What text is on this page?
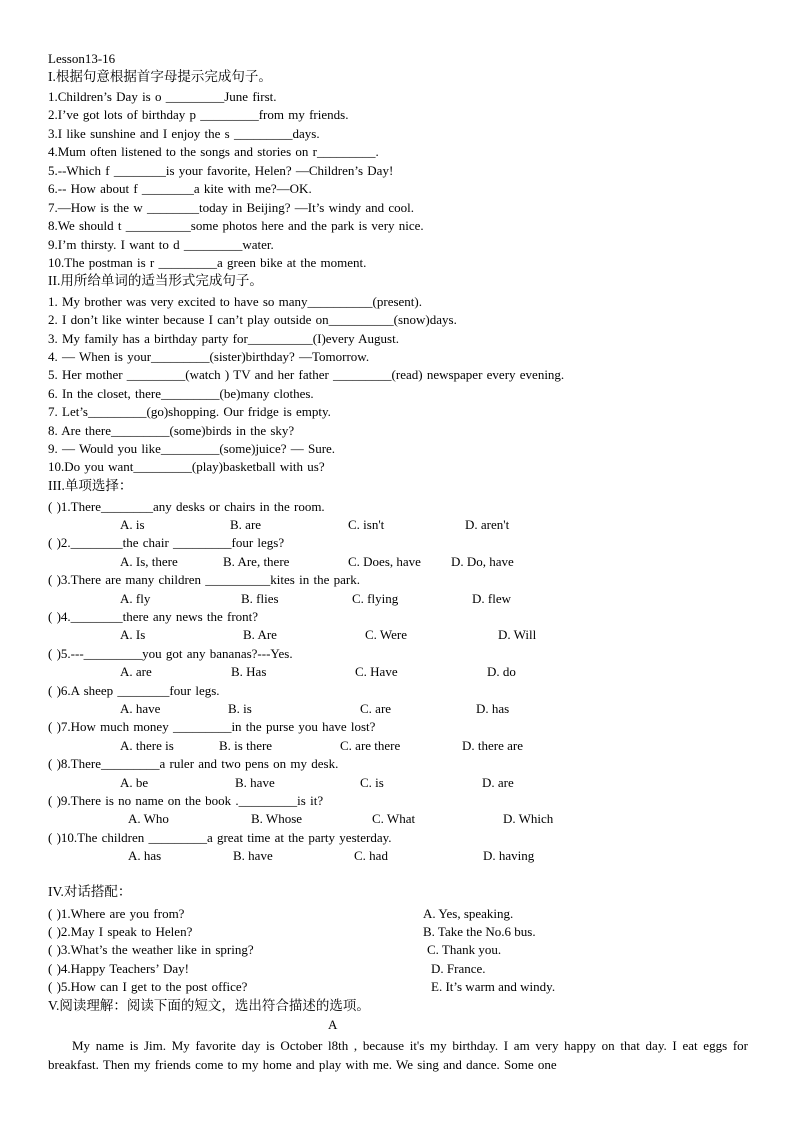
Lesson13-16
I.根据句意根据首字母提示完成句子。
1.Children’s Day is o _________June first.
2.I’ve got lots of birthday p _________from my friends.
3.I like sunshine and I enjoy the s _________days.
4.Mum often listened to the songs and stories on r_________.
5.--Which f ________is your favorite, Helen? —Children’s Day!
6.-- How about f ________a kite with me?—OK.
7.—How is the w ________today in Beijing? —It’s windy and cool.
8.We should t __________some photos here and the park is very nice.
9.I’m thirsty. I want to d _________water.
10.The postman is r _________a green bike at the moment.
II.用所给单词的适当形式完成句子。
1. My brother was very excited to have so many__________(present).
2. I don’t like winter because I can’t play outside on__________(snow)days.
3. My family has a birthday party for__________(I)every August.
4. — When is your_________(sister)birthday? —Tomorrow.
5. Her mother _________(watch ) TV and her father _________(read) newspaper every evening.
6. In the closet, there_________(be)many clothes.
7. Let’s_________(go)shopping. Our fridge is empty.
8. Are there_________(some)birds in the sky?
9. — Would you like_________(some)juice? — Sure.
10.Do you want_________(play)basketball with us?
III.单项选择：
( )1.There________any desks or chairs in the room.
A. is	B. are	C. isn't	D. aren't
( )2.________the chair _________four legs?
A. Is, there	B. Are, there	C. Does, have D. Do, have
( )3.There are many children __________kites in the park.
A. fly	B. flies	C. flying	D. flew
( )4.________there any news the front?
A. Is	B. Are	C. Were	D. Will
( )5.---_________you got any bananas?---Yes.
A. are	B. Has	C. Have	D. do
( )6.A sheep ________four legs.
A. have	B. is	C. are	D. has
( )7.How much money _________in the purse you have lost?
A. there is	B. is there	C. are there	D. there are
( )8.There_________a ruler and two pens on my desk.
A. be	B. have	C. is	D. are
( )9.There is no name on the book ._________is it?
A. Who	B. Whose	C. What	D. Which
( )10.The children _________a great time at the party yesterday.
A. has	B. have	C. had	D. having
IV.对话搭配：
( )1.Where are you from?	A. Yes, speaking.
( )2.May I speak to Helen?	B. Take the No.6 bus.
( )3.What’s the weather like in spring?	C. Thank you.
( )4.Happy Teachers’ Day!	D. France.
( )5.How can I get to the post office?	E. It’s warm and windy.
V.阅读理解：阅读下面的短文，选出符合描述的选项。
A
My name is Jim. My favorite day is October l8th , because it's my birthday. I am very happy on that day. I eat eggs for breakfast. Then my friends come to my home and play with me. We sing and dance. Some one
